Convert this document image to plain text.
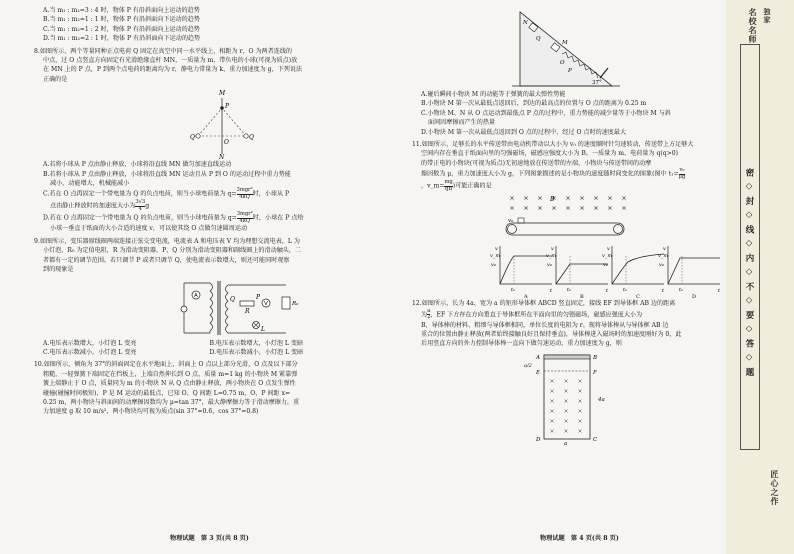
A.当 m₁ : m₂=3 : 4 时，物体 P 有沿斜面向上运动的趋势
B.当 m₁ : m₂=1 : 1 时，物体 P 有沿斜面向下运动的趋势
C.当 m₁ : m₂=1 : 2 时，物体 P 有沿斜面向上运动的趋势
D.当 m₁ : m₂=2 : 1 时，物体 P 有沿斜面向下运动的趋势
8.如图所示，两个等量同种正点电荷 Q 固定在真空中同一水平线上，相距为 r，O 为两者连线的
中点，过 O 点竖直方向固定有光滑绝缘直杆 MN，一质量为 m、带负电的小球(可视为质点)放
在 MN 上的 P 点，P 到两个点电荷的距离均为 r，静电力常量为 k，重力加速度为 g，下列说法
正确的是
M
P
Q
O
Q
N
A.若将小球从 P 点由静止释放，小球将沿直线 MN 做匀加速直线运动
B.若将小球从 P 点由静止释放，小球将沿直线 MN 运动且从 P 到 O 的运动过程中重力势能
减小，动能增大，机械能减小
C.若在 O 点再固定一个带电量为 Q 的负点电荷，则当小球电荷量为 $q= \frac{\text{3mgr²}}{4kQ}$ 时，小球从 P
点由静止释放时的加速度大小为 $\frac{3√3}{4}$ g
D.若在 O 点再固定一个带电量为 Q 的负点电荷，则当小球电荷量为 $q= \frac{\text{3mgr²}}{4kQ}$ 时，小球在 P 点给
小球一垂直于纸面的大小合适的速度 v，可以使其绕 O 点做匀速圆周运动
9.如图所示，变压器原线圈两端连接正弦交变电流，电流表 A 和电压表 V 均为理想交流电表，L 为
小灯泡，R₀ 为定值电阻，R 为滑动变阻器，P、Q 分别为滑动变阻器和副线圈上的滑动触头，二
者都有一定的调节范围。若只调节 P 或者只调节 Q，使电流表示数增大，则还可能同时观察
到的现象是
A	Q	P
R
V	R₀
L
A.电压表示数增大，小灯泡 L 变亮	B.电压表示数增大，小灯泡 L 变暗
C.电压表示数减小，小灯泡 L 变亮	D.电压表示数减小，小灯泡 L 变暗
10.如图所示，倾角为 37°的斜面固定在水平地面上，斜面上 O 点以上部分光滑，O 点及以下部分
粗糙，一轻弹簧下端固定在挡板上，上端自然伸长到 O 点，质量 m=1 kg 的小物块 M 紧靠弹
簧上端静止于 O 点，质量同为 m 的小物块 N 从 Q 点由静止释放，两小物块在 O 点发生弹性
碰撞(碰撞时间极短)，P 是 M 运动的最低点，已知 O、Q 间距 L=0.75 m，O、P 间距 x=
0.25 m，两小物块与斜面间的动摩擦因数均为 μ=tan 37°，最大静摩擦力等于滑动摩擦力，重
力加速度 g 取 10 m/s²，两小物块均可视为质点(sin 37°=0.6，cos 37°=0.8)
物理试题　第 3 页(共 8 页)
N
Q
M
O
P
37°
A.碰后瞬间小物块 M 的动能等于弹簧的最大弹性势能
B.小物块 M 第一次从最低点返回后，到达的最高点的位置与 O 点的距离为 0.25 m
C.小物块 M、N 从 O 点运动到最低点 P 点的过程中，重力势能的减少量等于小物块 M 与斜
面间因摩擦而产生的热量
D.小物块 M 第一次从最低点返回到 O 点的过程中，经过 O 点时的速度最大
11.如图所示，足够长的水平传送带由电动机带动以大小为 v₀ 的速度顺时针匀速转动，传送带上方足够大
空间内存在垂直于纸面向里的匀强磁场，磁感应强度大小为 B。一质量为 m、电荷量为 q(q>0)
的带正电的小物块(可视为质点)无初速地放在传送带的左端，小物块与传送带间的动摩
擦因数为 μ，重力加速度大小为 g，下列图象描述的是小物块的速度随时间变化的图象(图中 $t_1= \frac{\text{v₀}}{\mu g}$
，v_m= $\frac{mg}{qB}$ )可能正确的是
B
v₀
v
t
t₁
v_m
v₀
A
v
t
t₁
v_m
v₀
B
v
t
t₁
v_m
v₀
C
v
t
t₁
v_m
v₀
D
12.如图所示，长为 4a、宽为 a 的矩形导体框 ABCD 竖直固定，接线 EF 到导体框 AB 边的距离
为 $\frac{a}{2}$ ，EF 下方存在方向垂直于导体框所在平面向里的匀强磁场，磁感应强度大小为
B，导体棒的材料、粗细与导体框相同，单位长度的电阻为 r。现将导体棒从与导体框 AB 边
重合的位置由静止释放(两者始终接触良好且保持垂直)，导体棒进入磁场时的加速度刚好为 0，此
后用竖直方向的外力控制导体棒一直向下做匀速运动，重力加速度为 g，则
A	B
E	F
D	C
4a
a
a/2
物理试题　第 4 页(共 8 页)
名校名师 独家
匠心之作
密◇封◇线◇内◇不◇要◇答◇题
